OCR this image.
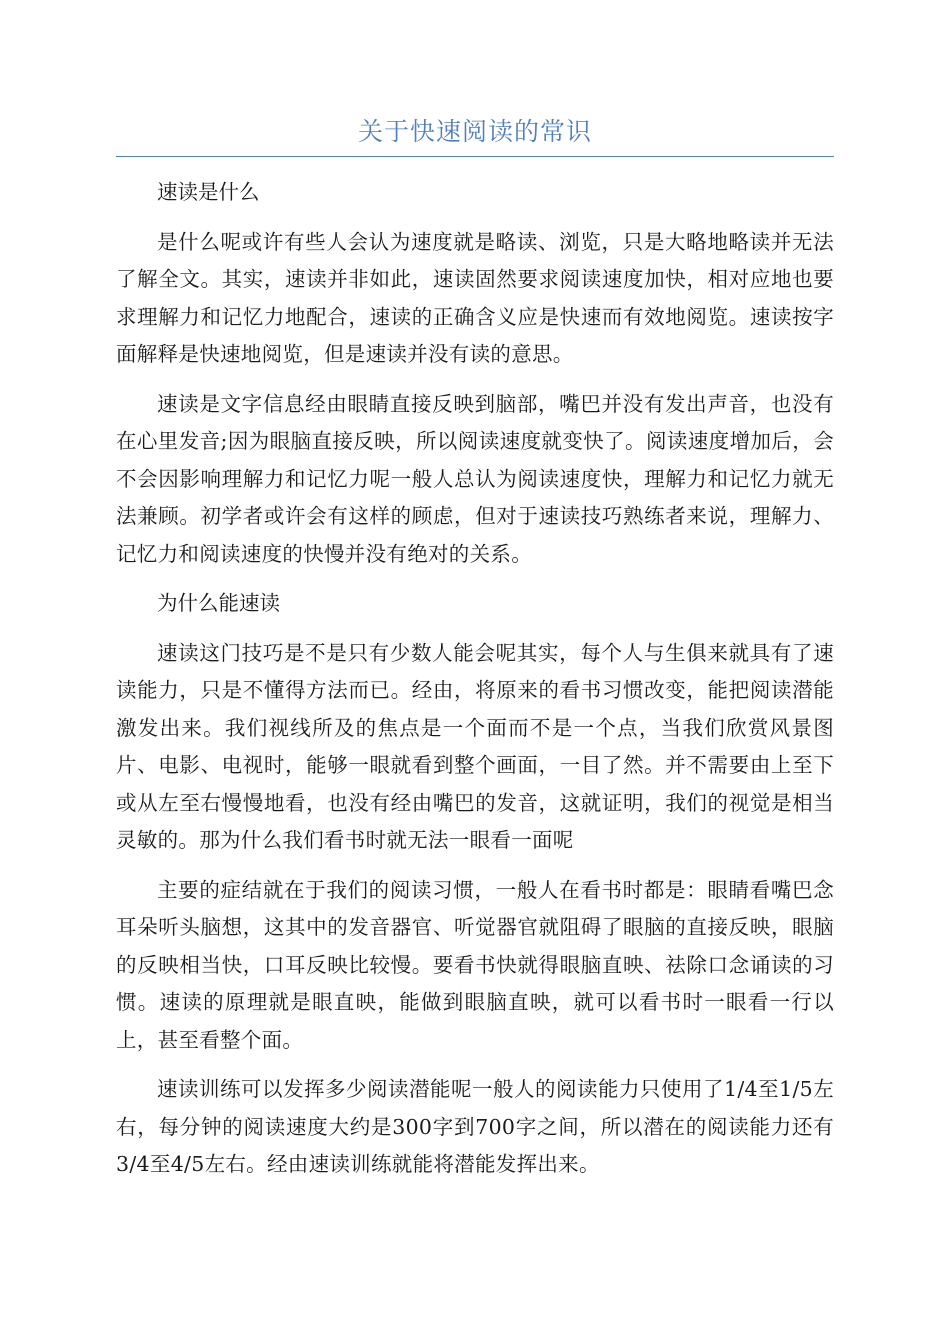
关于快速阅读的常识

速读是什么

是什么呢或许有些人会认为速度就是略读、浏览，只是大略地略读并无法了解全文。其实，速读并非如此，速读固然要求阅读速度加快，相对应地也要求理解力和记忆力地配合，速读的正确含义应是快速而有效地阅览。速读按字面解释是快速地阅览，但是速读并没有读的意思。

速读是文字信息经由眼睛直接反映到脑部，嘴巴并没有发出声音，也没有在心里发音;因为眼脑直接反映，所以阅读速度就变快了。阅读速度增加后，会不会因影响理解力和记忆力呢一般人总认为阅读速度快，理解力和记忆力就无法兼顾。初学者或许会有这样的顾虑，但对于速读技巧熟练者来说，理解力、记忆力和阅读速度的快慢并没有绝对的关系。

为什么能速读

速读这门技巧是不是只有少数人能会呢其实，每个人与生俱来就具有了速读能力，只是不懂得方法而已。经由，将原来的看书习惯改变，能把阅读潜能激发出来。我们视线所及的焦点是一个面而不是一个点，当我们欣赏风景图片、电影、电视时，能够一眼就看到整个画面，一目了然。并不需要由上至下或从左至右慢慢地看，也没有经由嘴巴的发音，这就证明，我们的视觉是相当灵敏的。那为什么我们看书时就无法一眼看一面呢

主要的症结就在于我们的阅读习惯，一般人在看书时都是：眼睛看嘴巴念耳朵听头脑想，这其中的发音器官、听觉器官就阻碍了眼脑的直接反映，眼脑的反映相当快，口耳反映比较慢。要看书快就得眼脑直映、祛除口念诵读的习惯。速读的原理就是眼直映，能做到眼脑直映，就可以看书时一眼看一行以上，甚至看整个面。

速读训练可以发挥多少阅读潜能呢一般人的阅读能力只使用了1/4至1/5左右，每分钟的阅读速度大约是300字到700字之间，所以潜在的阅读能力还有3/4至4/5左右。经由速读训练就能将潜能发挥出来。
